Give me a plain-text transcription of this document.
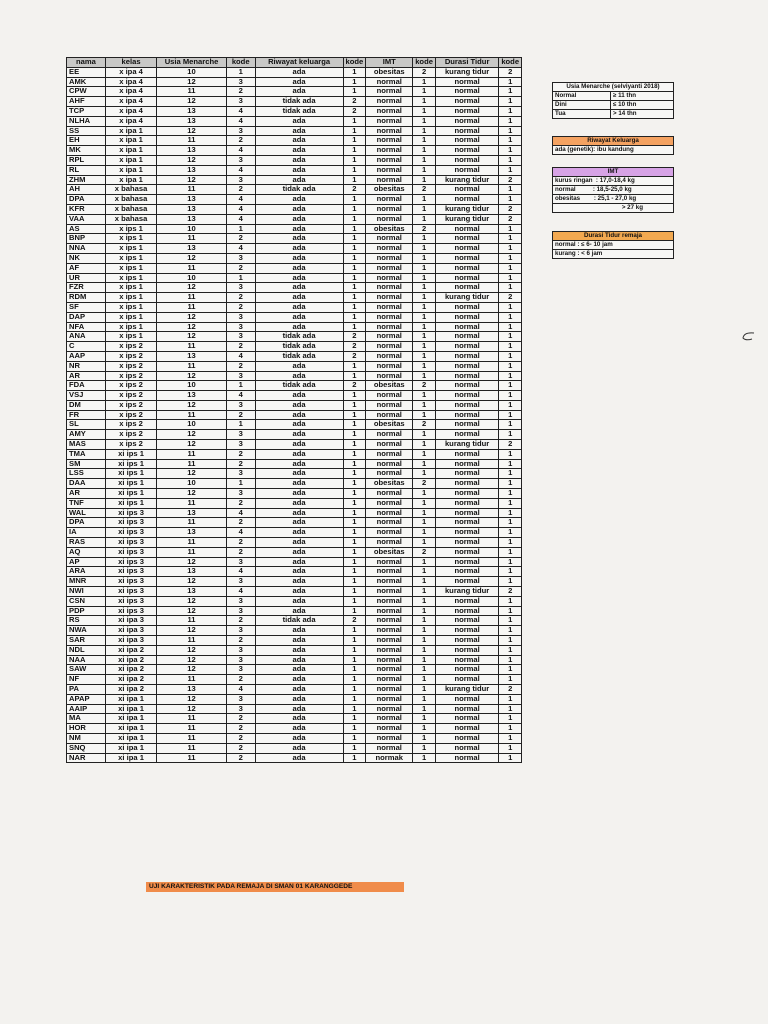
nama	kelas	Usia Menarche	kode	Riwayat keluarga	kode	IMT	kode	Durasi Tidur	kode
EE	x ipa 4	10	1	ada	1	obesitas	2	kurang tidur	2
AMK	x ipa 4	12	3	ada	1	normal	1	normal	1
CPW	x ipa 4	11	2	ada	1	normal	1	normal	1
AHF	x ipa 4	12	3	tidak ada	2	normal	1	normal	1
TCP	x ipa 4	13	4	tidak ada	2	normal	1	normal	1
NLHA	x ipa 4	13	4	ada	1	normal	1	normal	1
SS	x ipa 1	12	3	ada	1	normal	1	normal	1
EH	x ipa 1	11	2	ada	1	normal	1	normal	1
MK	x ipa 1	13	4	ada	1	normal	1	normal	1
RPL	x ipa 1	12	3	ada	1	normal	1	normal	1
RL	x ipa 1	13	4	ada	1	normal	1	normal	1
ZHM	x ipa 1	12	3	ada	1	normal	1	kurang tidur	2
AH	x bahasa	11	2	tidak ada	2	obesitas	2	normal	1
DPA	x bahasa	13	4	ada	1	normal	1	normal	1
KFR	x bahasa	13	4	ada	1	normal	1	kurang tidur	2
VAA	x bahasa	13	4	ada	1	normal	1	kurang tidur	2
AS	x ips 1	10	1	ada	1	obesitas	2	normal	1
BNP	x ips 1	11	2	ada	1	normal	1	normal	1
NNA	x ips 1	13	4	ada	1	normal	1	normal	1
NK	x ips 1	12	3	ada	1	normal	1	normal	1
AF	x ips 1	11	2	ada	1	normal	1	normal	1
UR	x ips 1	10	1	ada	1	normal	1	normal	1
FZR	x ips 1	12	3	ada	1	normal	1	normal	1
RDM	x ips 1	11	2	ada	1	normal	1	kurang tidur	2
SF	x ips 1	11	2	ada	1	normal	1	normal	1
DAP	x ips 1	12	3	ada	1	normal	1	normal	1
NFA	x ips 1	12	3	ada	1	normal	1	normal	1
ANA	x ips 1	12	3	tidak ada	2	normal	1	normal	1
C	x ips 2	11	2	tidak ada	2	normal	1	normal	1
AAP	x ips 2	13	4	tidak ada	2	normal	1	normal	1
NR	x ips 2	11	2	ada	1	normal	1	normal	1
AR	x ips 2	12	3	ada	1	normal	1	normal	1
FDA	x ips 2	10	1	tidak ada	2	obesitas	2	normal	1
VSJ	x ips 2	13	4	ada	1	normal	1	normal	1
DM	x ips 2	12	3	ada	1	normal	1	normal	1
FR	x ips 2	11	2	ada	1	normal	1	normal	1
SL	x ips 2	10	1	ada	1	obesitas	2	normal	1
AMY	x ips 2	12	3	ada	1	normal	1	normal	1
MAS	x ips 2	12	3	ada	1	normal	1	kurang tidur	2
TMA	xi ips 1	11	2	ada	1	normal	1	normal	1
SM	xi ips 1	11	2	ada	1	normal	1	normal	1
LSS	xi ips 1	12	3	ada	1	normal	1	normal	1
DAA	xi ips 1	10	1	ada	1	obesitas	2	normal	1
AR	xi ips 1	12	3	ada	1	normal	1	normal	1
TNF	xi ips 1	11	2	ada	1	normal	1	normal	1
WAL	xi ips 3	13	4	ada	1	normal	1	normal	1
DPA	xi ips 3	11	2	ada	1	normal	1	normal	1
IA	xi ips 3	13	4	ada	1	normal	1	normal	1
RAS	xi ips 3	11	2	ada	1	normal	1	normal	1
AQ	xi ips 3	11	2	ada	1	obesitas	2	normal	1
AP	xi ips 3	12	3	ada	1	normal	1	normal	1
ARA	xi ips 3	13	4	ada	1	normal	1	normal	1
MNR	xi ips 3	12	3	ada	1	normal	1	normal	1
NWI	xi ips 3	13	4	ada	1	normal	1	kurang tidur	2
CSN	xi ips 3	12	3	ada	1	normal	1	normal	1
PDP	xi ips 3	12	3	ada	1	normal	1	normal	1
RS	xi ipa 3	11	2	tidak ada	2	normal	1	normal	1
NWA	xi ipa 3	12	3	ada	1	normal	1	normal	1
SAR	xi ipa 3	11	2	ada	1	normal	1	normal	1
NDL	xi ipa 2	12	3	ada	1	normal	1	normal	1
NAA	xi ipa 2	12	3	ada	1	normal	1	normal	1
SAW	xi ipa 2	12	3	ada	1	normal	1	normal	1
NF	xi ipa 2	11	2	ada	1	normal	1	normal	1
PA	xi ipa 2	13	4	ada	1	normal	1	kurang tidur	2
APAP	xi ipa 1	12	3	ada	1	normal	1	normal	1
AAIP	xi ipa 1	12	3	ada	1	normal	1	normal	1
MA	xi ipa 1	11	2	ada	1	normal	1	normal	1
HOR	xi ipa 1	11	2	ada	1	normal	1	normal	1
NM	xi ipa 1	11	2	ada	1	normal	1	normal	1
SNQ	xi ipa 1	11	2	ada	1	normal	1	normal	1
NAR	xi ipa 1	11	2	ada	1	normak	1	normal	1
Usia Menarche (selviyanti 2018)	
Normal	≥ 11 thn
Dini	≤ 10 thn
Tua	> 14 thn
Riwayat Keluarga
ada (genetik): ibu kandung
IMT
kurus ringan  : 17,0-18,4 kg
normal          : 18,5-25,0 kg
obesitas        : 25,1 - 27,0 kg
> 27 kg
Durasi Tidur remaja
normal : ≤ 6- 10 jam
kurang : < 6 jam
UJI KARAKTERISTIK PADA REMAJA DI SMAN 01 KARANGGEDE
